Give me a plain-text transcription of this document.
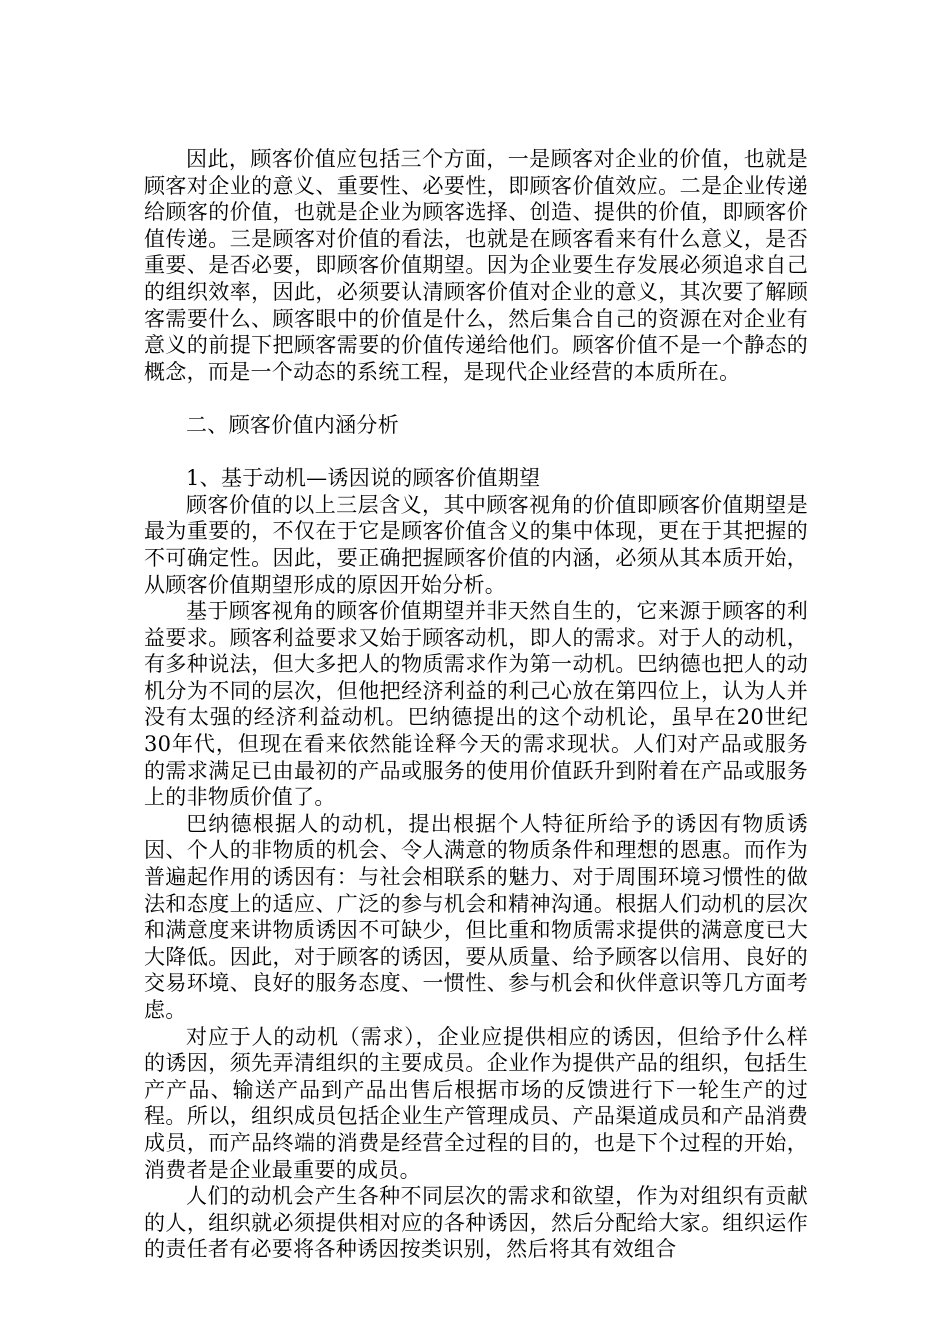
因此，顾客价值应包括三个方面，一是顾客对企业的价值，也就是顾客对企业的意义、重要性、必要性，即顾客价值效应。二是企业传递给顾客的价值，也就是企业为顾客选择、创造、提供的价值，即顾客价值传递。三是顾客对价值的看法，也就是在顾客看来有什么意义，是否重要、是否必要，即顾客价值期望。因为企业要生存发展必须追求自己的组织效率，因此，必须要认清顾客价值对企业的意义，其次要了解顾客需要什么、顾客眼中的价值是什么，然后集合自己的资源在对企业有意义的前提下把顾客需要的价值传递给他们。顾客价值不是一个静态的概念，而是一个动态的系统工程，是现代企业经营的本质所在。

二、顾客价值内涵分析

1、基于动机—诱因说的顾客价值期望

顾客价值的以上三层含义，其中顾客视角的价值即顾客价值期望是最为重要的，不仅在于它是顾客价值含义的集中体现，更在于其把握的不可确定性。因此，要正确把握顾客价值的内涵，必须从其本质开始，从顾客价值期望形成的原因开始分析。

基于顾客视角的顾客价值期望并非天然自生的，它来源于顾客的利益要求。顾客利益要求又始于顾客动机，即人的需求。对于人的动机，有多种说法，但大多把人的物质需求作为第一动机。巴纳德也把人的动机分为不同的层次，但他把经济利益的利己心放在第四位上，认为人并没有太强的经济利益动机。巴纳德提出的这个动机论，虽早在20世纪30年代，但现在看来依然能诠释今天的需求现状。人们对产品或服务的需求满足已由最初的产品或服务的使用价值跃升到附着在产品或服务上的非物质价值了。

巴纳德根据人的动机，提出根据个人特征所给予的诱因有物质诱因、个人的非物质的机会、令人满意的物质条件和理想的恩惠。而作为普遍起作用的诱因有：与社会相联系的魅力、对于周围环境习惯性的做法和态度上的适应、广泛的参与机会和精神沟通。根据人们动机的层次和满意度来讲物质诱因不可缺少，但比重和物质需求提供的满意度已大大降低。因此，对于顾客的诱因，要从质量、给予顾客以信用、良好的交易环境、良好的服务态度、一惯性、参与机会和伙伴意识等几方面考虑。

对应于人的动机（需求），企业应提供相应的诱因，但给予什么样的诱因，须先弄清组织的主要成员。企业作为提供产品的组织，包括生产产品、输送产品到产品出售后根据市场的反馈进行下一轮生产的过程。所以，组织成员包括企业生产管理成员、产品渠道成员和产品消费成员，而产品终端的消费是经营全过程的目的，也是下个过程的开始，消费者是企业最重要的成员。

人们的动机会产生各种不同层次的需求和欲望，作为对组织有贡献的人，组织就必须提供相对应的各种诱因，然后分配给大家。组织运作的责任者有必要将各种诱因按类识别，然后将其有效组合
